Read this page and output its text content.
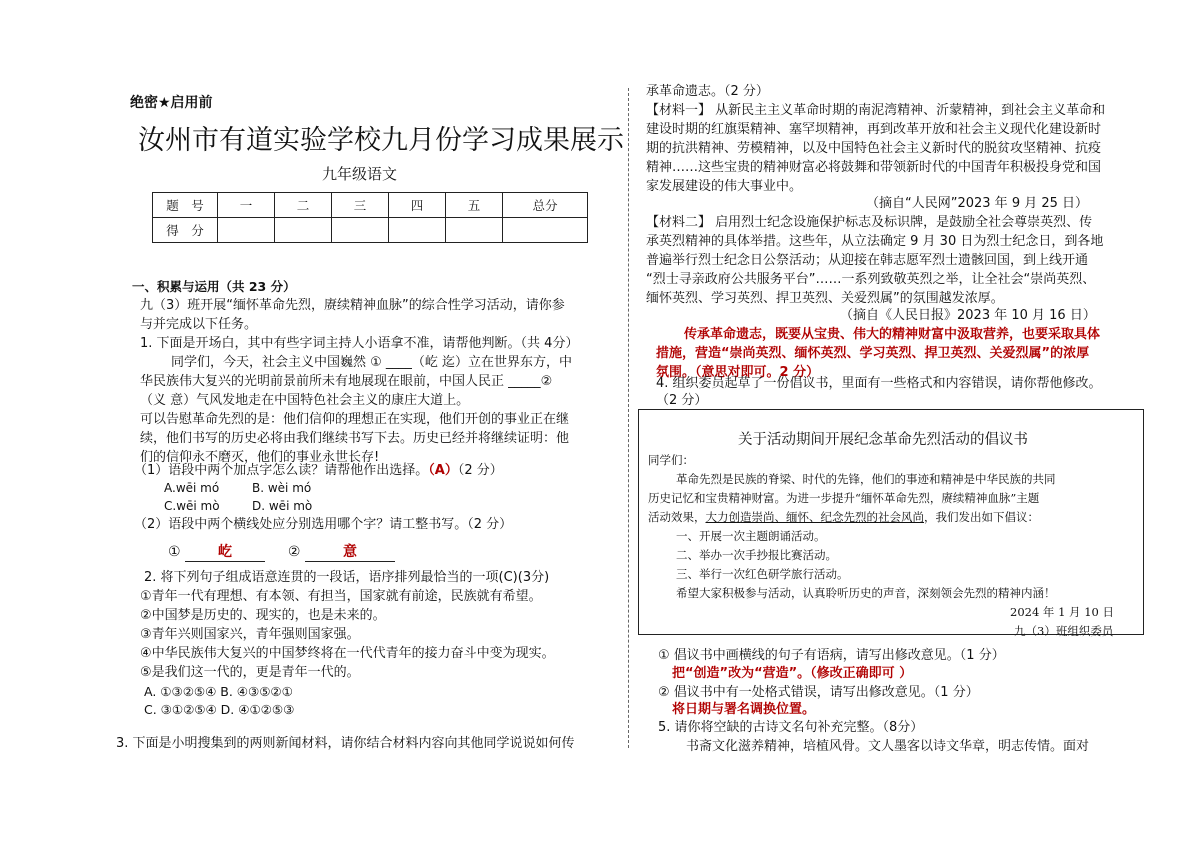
绝密★启用前
汝州市有道实验学校九月份学习成果展示
九年级语文
题　号	一	二	三	四	五	总分
得　分						
一、积累与运用（共 23 分）
九（3）班开展“缅怀革命先烈，赓续精神血脉”的综合性学习活动，请你参
与并完成以下任务。
1. 下面是开场白，其中有些字词主持人小语拿不准，请帮他判断。（共 4分）
同学们，今天，社会主义中国巍然 ① ____（屹 迄）立在世界东方，中
华民族伟大复兴的光明前景前所未有地展现在眼前，中国人民正 _____②
（义 意）气风发地走在中国特色社会主义的康庄大道上。
可以告慰革命先烈的是：他们信仰的理想正在实现，他们开创的事业正在继
续，他们书写的历史必将由我们继续书写下去。历史已经并将继续证明：他
们的信仰永不磨灭，他们的事业永世长存!
（1）语段中两个加点字怎么读？请帮他作出选择。（A）（2 分）
A.wēi mó	B. wèi mó
C.wēi mò	D. wēi mò
（2）语段中两个横线处应分别选用哪个字？请工整书写。（2 分）
①	屹	②	意
2. 将下列句子组成语意连贯的一段话，语序排列最恰当的一项(C)(3分)
①青年一代有理想、有本领、有担当，国家就有前途，民族就有希望。
②中国梦是历史的、现实的，也是未来的。
③青年兴则国家兴，青年强则国家强。
④中华民族伟大复兴的中国梦终将在一代代青年的接力奋斗中变为现实。
⑤是我们这一代的，更是青年一代的。
A. ①③②⑤④ B. ④③⑤②①
C. ③①②⑤④ D. ④①②⑤③
3. 下面是小明搜集到的两则新闻材料，请你结合材料内容向其他同学说说如何传
承革命遗志。（2 分）
【材料一】 从新民主主义革命时期的南泥湾精神、沂蒙精神，到社会主义革命和
建设时期的红旗渠精神、塞罕坝精神，再到改革开放和社会主义现代化建设新时
期的抗洪精神、劳模精神，以及中国特色社会主义新时代的脱贫攻坚精神、抗疫
精神……这些宝贵的精神财富必将鼓舞和带领新时代的中国青年积极投身党和国
家发展建设的伟大事业中。
（摘自“人民网”2023 年 9 月 25 日）
【材料二】 启用烈士纪念设施保护标志及标识牌，是鼓励全社会尊崇英烈、传
承英烈精神的具体举措。这些年，从立法确定 9 月 30 日为烈士纪念日，到各地
普遍举行烈士纪念日公祭活动；从迎接在韩志愿军烈士遗骸回国，到上线开通
“烈士寻亲政府公共服务平台”……一系列致敬英烈之举，让全社会“崇尚英烈、
缅怀英烈、学习英烈、捍卫英烈、关爱烈属”的氛围越发浓厚。
（摘自《人民日报》2023 年 10 月 16 日）
传承革命遗志，既要从宝贵、伟大的精神财富中汲取营养，也要采取具体
措施，营造“崇尚英烈、缅怀英烈、学习英烈、捍卫英烈、关爱烈属”的浓厚
氛围。（意思对即可。2 分）
4. 组织委员起草了一份倡议书，里面有一些格式和内容错误，请你帮他修改。
（2 分）
关于活动期间开展纪念革命先烈活动的倡议书
同学们：
革命先烈是民族的脊梁、时代的先锋，他们的事迹和精神是中华民族的共同
历史记忆和宝贵精神财富。为进一步提升“缅怀革命先烈，赓续精神血脉”主题
活动效果，大力创造崇尚、缅怀、纪念先烈的社会风尚，我们发出如下倡议：
一、开展一次主题朗诵活动。
二、举办一次手抄报比赛活动。
三、举行一次红色研学旅行活动。
希望大家积极参与活动，认真聆听历史的声音，深刻领会先烈的精神内涵！
2024 年 1 月 10 日
九（3）班组织委员
① 倡议书中画横线的句子有语病，请写出修改意见。（1 分）
把“创造”改为“营造”。（修改正确即可 ）
② 倡议书中有一处格式错误，请写出修改意见。（1 分）
将日期与署名调换位置。
5. 请你将空缺的古诗文名句补充完整。（8分）
书斋文化滋养精神，培植风骨。文人墨客以诗文华章，明志传情。面对
